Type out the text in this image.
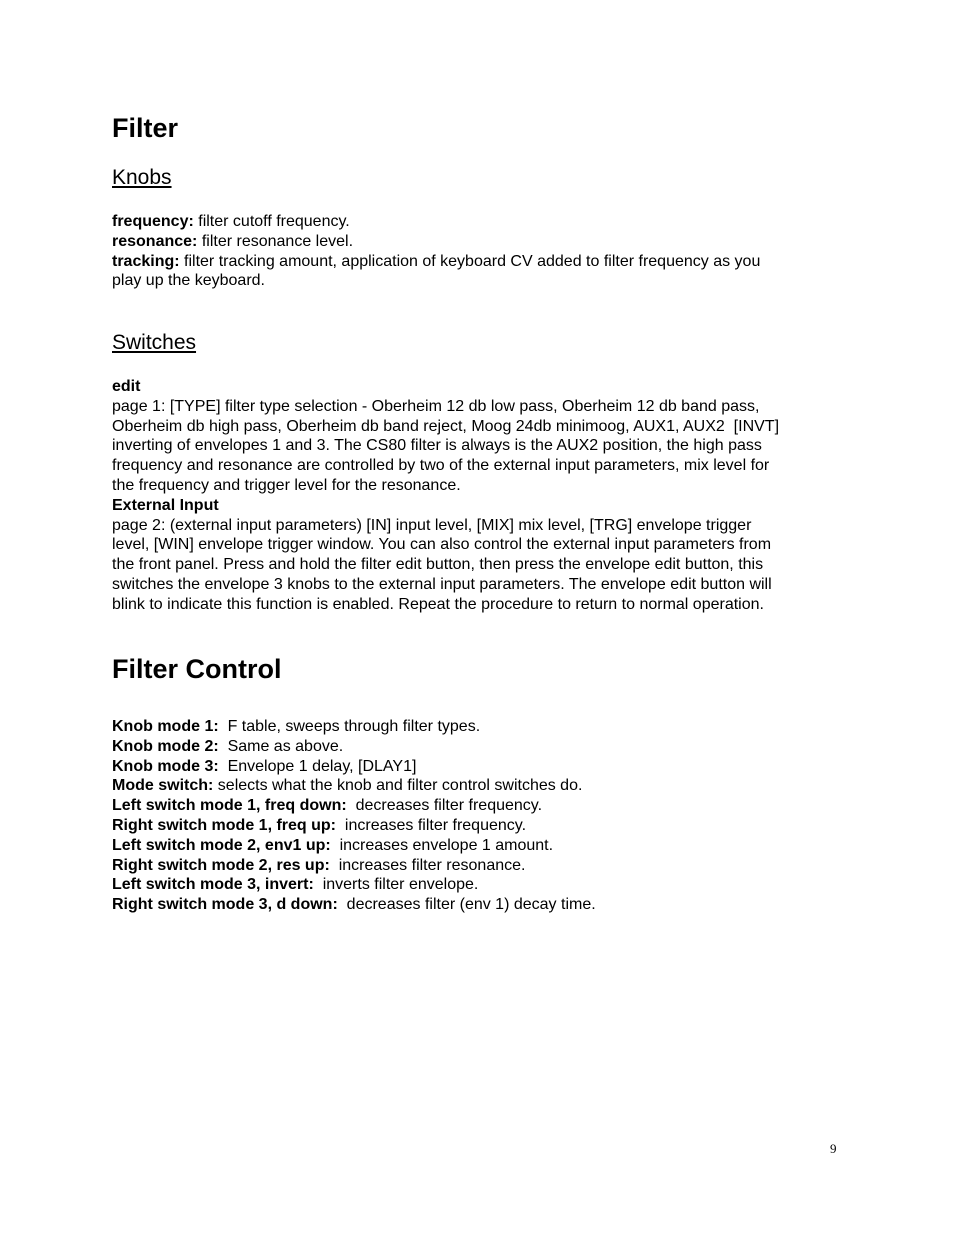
Filter
Knobs
frequency: filter cutoff frequency.
resonance: filter resonance level.
tracking: filter tracking amount, application of keyboard CV added to filter frequency as you
play up the keyboard.
Switches
edit
page 1: [TYPE] filter type selection - Oberheim 12 db low pass, Oberheim 12 db band pass,
Oberheim db high pass, Oberheim db band reject, Moog 24db minimoog, AUX1, AUX2  [INVT]
inverting of envelopes 1 and 3. The CS80 filter is always is the AUX2 position, the high pass
frequency and resonance are controlled by two of the external input parameters, mix level for
the frequency and trigger level for the resonance.
External Input
page 2: (external input parameters) [IN] input level, [MIX] mix level, [TRG] envelope trigger
level, [WIN] envelope trigger window. You can also control the external input parameters from
the front panel. Press and hold the filter edit button, then press the envelope edit button, this
switches the envelope 3 knobs to the external input parameters. The envelope edit button will
blink to indicate this function is enabled. Repeat the procedure to return to normal operation.
Filter Control
Knob mode 1:  F table, sweeps through filter types.
Knob mode 2:  Same as above.
Knob mode 3:  Envelope 1 delay, [DLAY1]
Mode switch: selects what the knob and filter control switches do.
Left switch mode 1, freq down:  decreases filter frequency.
Right switch mode 1, freq up:  increases filter frequency.
Left switch mode 2, env1 up:  increases envelope 1 amount.
Right switch mode 2, res up:  increases filter resonance.
Left switch mode 3, invert:  inverts filter envelope.
Right switch mode 3, d down:  decreases filter (env 1) decay time.
9
